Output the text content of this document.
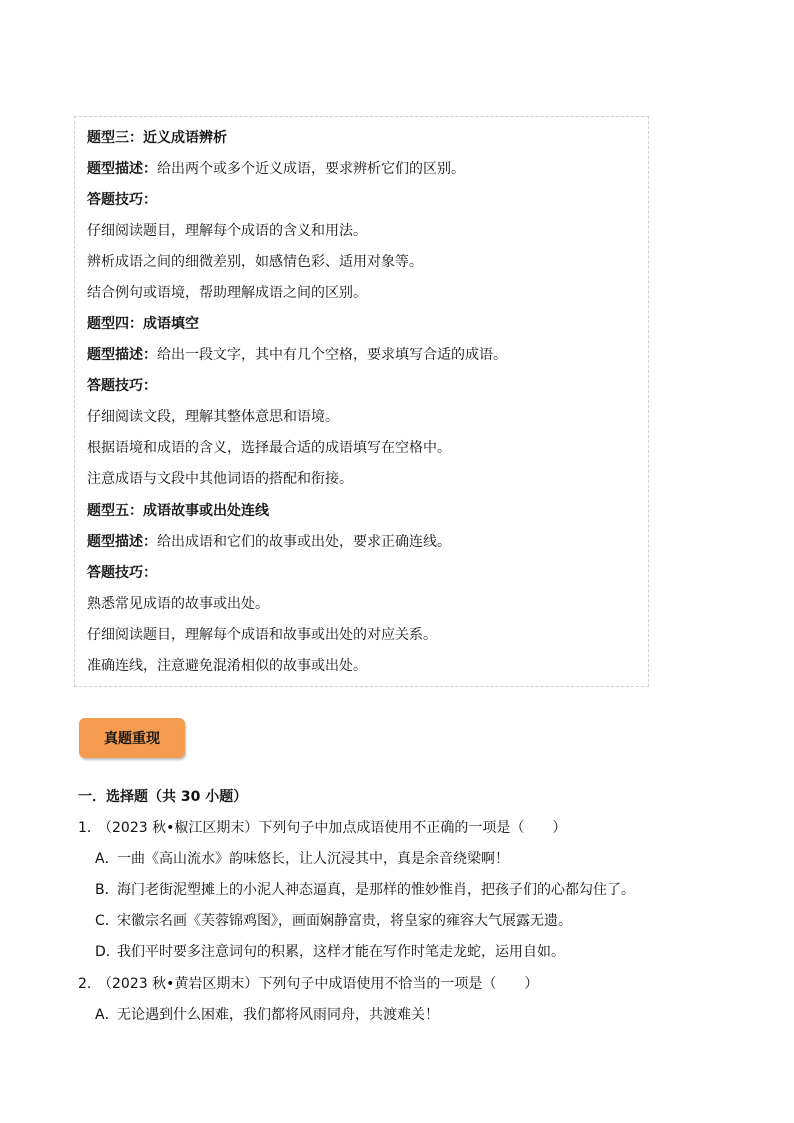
题型三：近义成语辨析
题型描述：给出两个或多个近义成语，要求辨析它们的区别。
答题技巧：
仔细阅读题目，理解每个成语的含义和用法。
辨析成语之间的细微差别，如感情色彩、适用对象等。
结合例句或语境，帮助理解成语之间的区别。
题型四：成语填空
题型描述：给出一段文字，其中有几个空格，要求填写合适的成语。
答题技巧：
仔细阅读文段，理解其整体意思和语境。
根据语境和成语的含义，选择最合适的成语填写在空格中。
注意成语与文段中其他词语的搭配和衔接。
题型五：成语故事或出处连线
题型描述：给出成语和它们的故事或出处，要求正确连线。
答题技巧：
熟悉常见成语的故事或出处。
仔细阅读题目，理解每个成语和故事或出处的对应关系。
准确连线，注意避免混淆相似的故事或出处。
真题重现
一．选择题（共 30 小题）
1．（2023 秋•椒江区期末）下列句子中加点成语使用不正确的一项是（　　）
A．一曲《高山流水》韵味悠长，让人沉浸其中，真是余音绕梁啊！
B．海门老街泥塑摊上的小泥人神态逼真，是那样的惟妙惟肖，把孩子们的心都勾住了。
C．宋徽宗名画《芙蓉锦鸡图》，画面娴静富贵，将皇家的雍容大气展露无遗。
D．我们平时要多注意词句的积累，这样才能在写作时笔走龙蛇，运用自如。
2．（2023 秋•黄岩区期末）下列句子中成语使用不恰当的一项是（　　）
A．无论遇到什么困难，我们都将风雨同舟，共渡难关！
